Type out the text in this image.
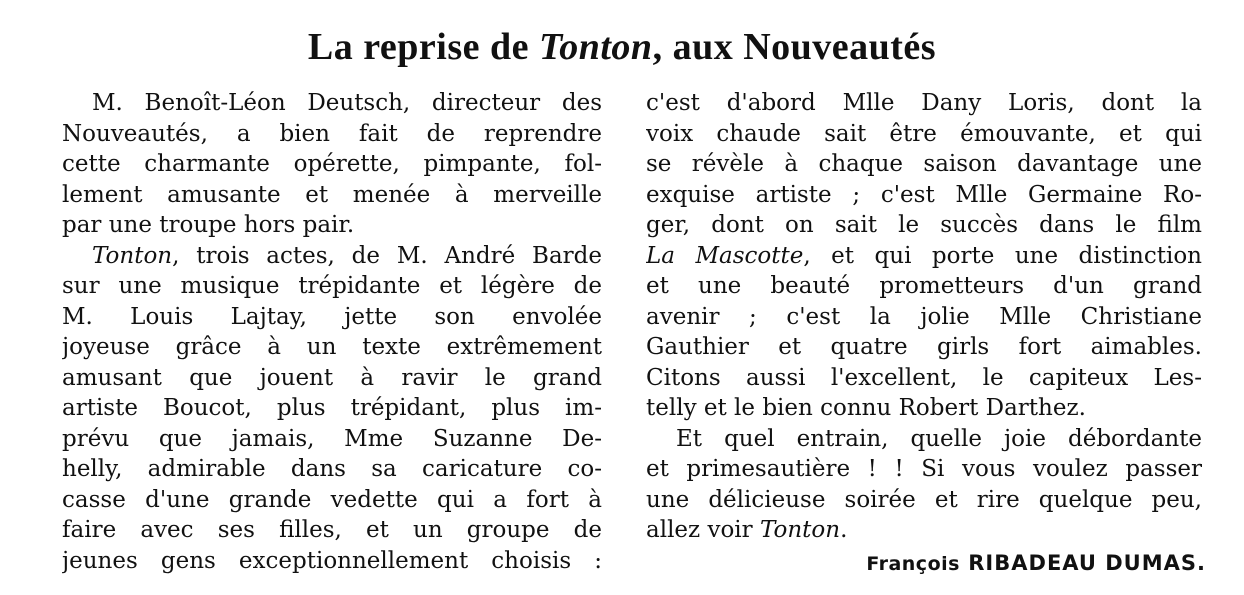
La reprise de Tonton, aux Nouveautés
M. Benoît-Léon Deutsch, directeur des
Nouveautés, a bien fait de reprendre
cette charmante opérette, pimpante, fol-
lement amusante et menée à merveille
par une troupe hors pair.
Tonton, trois actes, de M. André Barde
sur une musique trépidante et légère de
M. Louis Lajtay, jette son envolée
joyeuse grâce à un texte extrêmement
amusant que jouent à ravir le grand
artiste Boucot, plus trépidant, plus im-
prévu que jamais, Mme Suzanne De-
helly, admirable dans sa caricature co-
casse d'une grande vedette qui a fort à
faire avec ses filles, et un groupe de
jeunes gens exceptionnellement choisis :
c'est d'abord Mlle Dany Loris, dont la
voix chaude sait être émouvante, et qui
se révèle à chaque saison davantage une
exquise artiste ; c'est Mlle Germaine Ro-
ger, dont on sait le succès dans le film
La Mascotte, et qui porte une distinction
et une beauté prometteurs d'un grand
avenir ; c'est la jolie Mlle Christiane
Gauthier et quatre girls fort aimables.
Citons aussi l'excellent, le capiteux Les-
telly et le bien connu Robert Darthez.
Et quel entrain, quelle joie débordante
et primesautière ! ! Si vous voulez passer
une délicieuse soirée et rire quelque peu,
allez voir Tonton.
François RIBADEAU DUMAS.
